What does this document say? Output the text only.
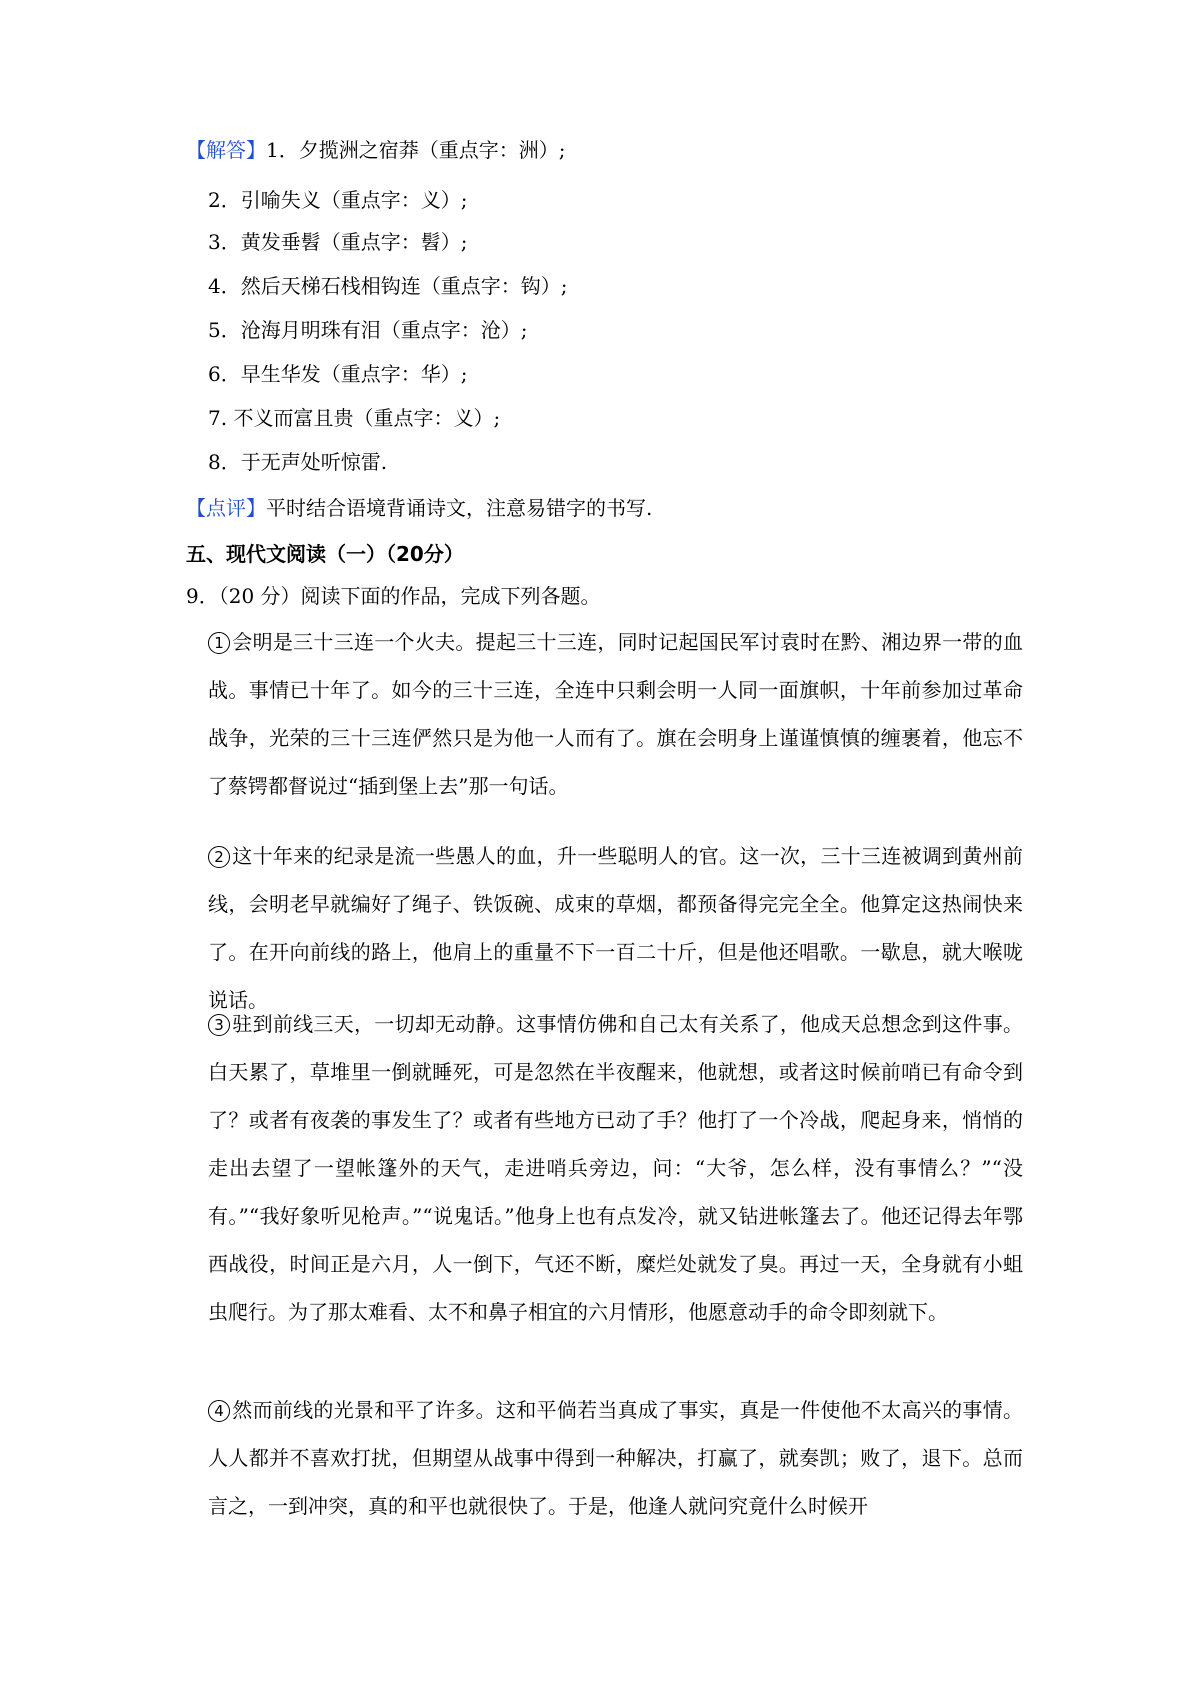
【解答】1．夕揽洲之宿莽（重点字：洲）;
2．引喻失义（重点字：义）;
3．黄发垂髫（重点字：髫）;
4．然后天梯石栈相钩连（重点字：钩）;
5．沧海月明珠有泪（重点字：沧）;
6．早生华发（重点字：华）;
7. 不义而富且贵（重点字：义）;
8．于无声处听惊雷.
【点评】平时结合语境背诵诗文，注意易错字的书写.
五、现代文阅读（一）（20分）
9．（20 分）阅读下面的作品，完成下列各题。
1 会明是三十三连一个火夫。提起三十三连，同时记起国民军讨袁时在黔、湘边界一带的血战。事情已十年了。如今的三十三连，全连中只剩会明一人同一面旗帜，十年前参加过革命战争，光荣的三十三连俨然只是为他一人而有了。旗在会明身上谨谨慎慎的缠裹着，他忘不了蔡锷都督说过“插到堡上去”那一句话。
2 这十年来的纪录是流一些愚人的血，升一些聪明人的官。这一次，三十三连被调到黄州前线，会明老早就编好了绳子、铁饭碗、成束的草烟，都预备得完完全全。他算定这热闹快来了。在开向前线的路上，他肩上的重量不下一百二十斤，但是他还唱歌。一歇息，就大喉咙说话。
3 驻到前线三天，一切却无动静。这事情仿佛和自己太有关系了，他成天总想念到这件事。白天累了，草堆里一倒就睡死，可是忽然在半夜醒来，他就想，或者这时候前哨已有命令到了？或者有夜袭的事发生了？或者有些地方已动了手？他打了一个冷战，爬起身来，悄悄的走出去望了一望帐篷外的天气，走进哨兵旁边，问：“大爷，怎么样，没有事情么？”“没有。”“我好象听见枪声。”“说鬼话。”他身上也有点发冷，就又钻进帐篷去了。他还记得去年鄂西战役，时间正是六月，人一倒下，气还不断，糜烂处就发了臭。再过一天，全身就有小蛆虫爬行。为了那太难看、太不和鼻子相宜的六月情形，他愿意动手的命令即刻就下。
4 然而前线的光景和平了许多。这和平倘若当真成了事实，真是一件使他不太高兴的事情。人人都并不喜欢打扰，但期望从战事中得到一种解决，打赢了，就奏凯；败了，退下。总而言之，一到冲突，真的和平也就很快了。于是，他逢人就问究竟什么时候开
